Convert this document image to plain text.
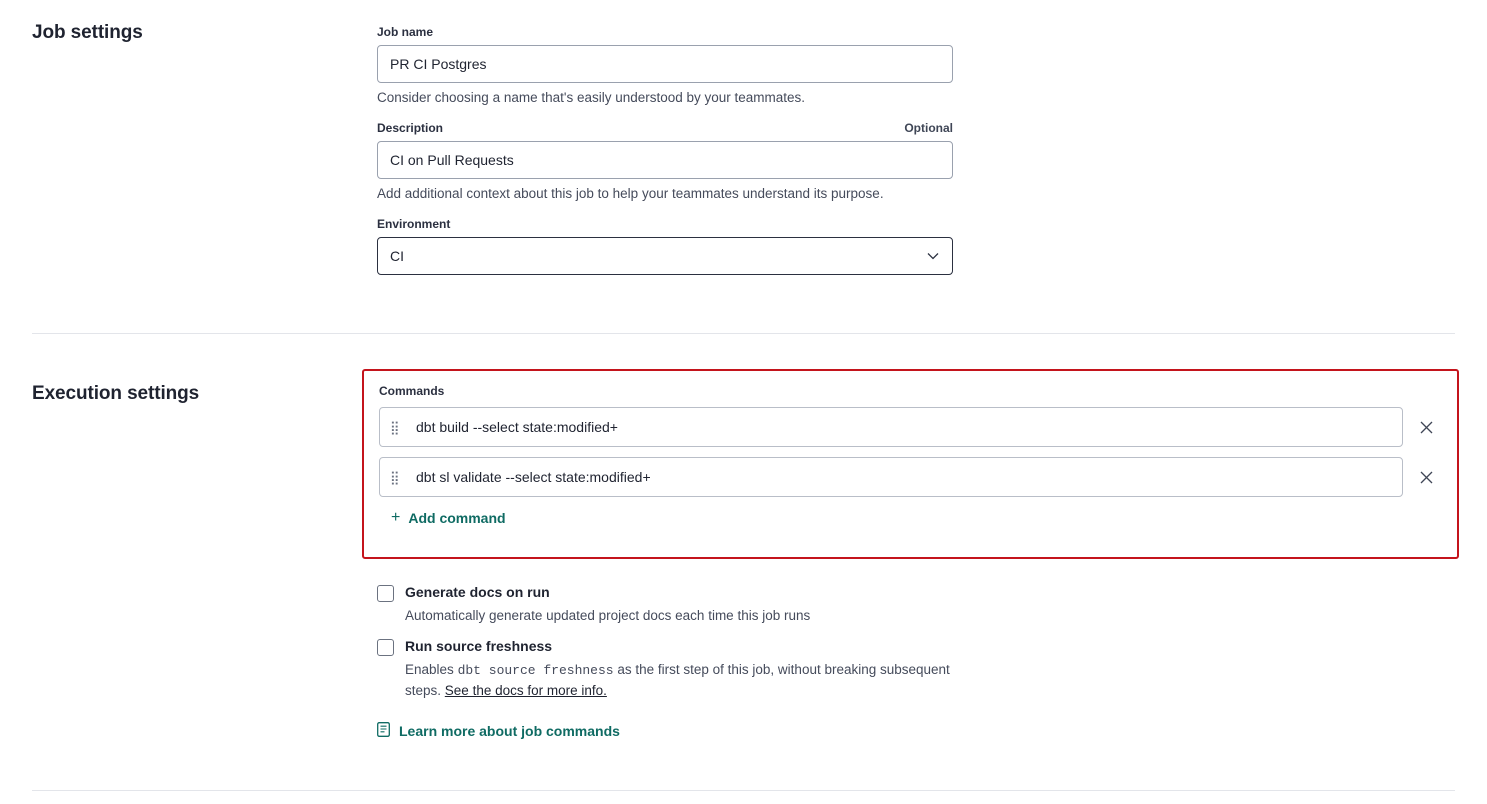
Job settings	Job name
PR CI Postgres
Consider choosing a name that's easily understood by your teammates.
Description	Optional
CI on Pull Requests
Add additional context about this job to help your teammates understand its purpose.
Environment
CI
Execution settings	Commands
⣿	dbt build --select state:modified+
⣿	dbt sl validate --select state:modified+
+ Add command
Generate docs on run
Automatically generate updated project docs each time this job runs
Run source freshness
Enables dbt source freshness as the first step of this job, without breaking subsequent steps. See the docs for more info.
Learn more about job commands
